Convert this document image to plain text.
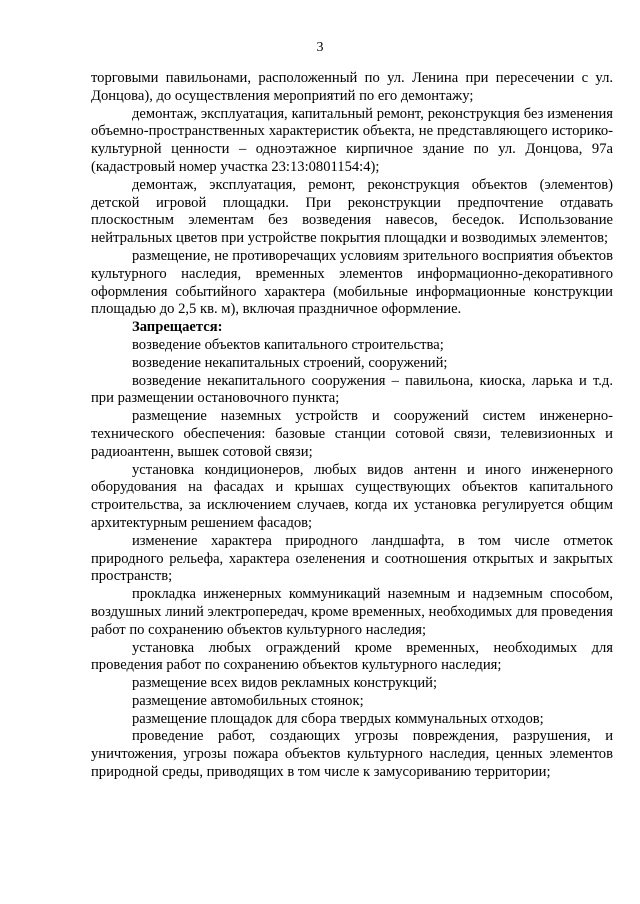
3

торговыми павильонами, расположенный по ул. Ленина при пересечении с ул. Донцова), до осуществления мероприятий по его демонтажу;

демонтаж, эксплуатация, капитальный ремонт, реконструкция без изменения объемно-пространственных характеристик объекта, не представляющего историко-культурной ценности – одноэтажное кирпичное здание по ул. Донцова, 97а (кадастровый номер участка 23:13:0801154:4);

демонтаж, эксплуатация, ремонт, реконструкция объектов (элементов) детской игровой площадки. При реконструкции предпочтение отдавать плоскостным элементам без возведения навесов, беседок. Использование нейтральных цветов при устройстве покрытия площадки и возводимых элементов;

размещение, не противоречащих условиям зрительного восприятия объектов культурного наследия, временных элементов информационно-декоративного оформления событийного характера (мобильные информационные конструкции площадью до 2,5 кв. м), включая праздничное оформление.

Запрещается:

возведение объектов капитального строительства;

возведение некапитальных строений, сооружений;

возведение некапитального сооружения – павильона, киоска, ларька и т.д. при размещении остановочного пункта;

размещение наземных устройств и сооружений систем инженерно-технического обеспечения: базовые станции сотовой связи, телевизионных и радиоантенн, вышек сотовой связи;

установка кондиционеров, любых видов антенн и иного инженерного оборудования на фасадах и крышах существующих объектов капитального строительства, за исключением случаев, когда их установка регулируется общим архитектурным решением фасадов;

изменение характера природного ландшафта, в том числе отметок природного рельефа, характера озеленения и соотношения открытых и закрытых пространств;

прокладка инженерных коммуникаций наземным и надземным способом, воздушных линий электропередач, кроме временных, необходимых для проведения работ по сохранению объектов культурного наследия;

установка любых ограждений кроме временных, необходимых для проведения работ по сохранению объектов культурного наследия;

размещение всех видов рекламных конструкций;

размещение автомобильных стоянок;

размещение площадок для сбора твердых коммунальных отходов;

проведение работ, создающих угрозы повреждения, разрушения, и уничтожения, угрозы пожара объектов культурного наследия, ценных элементов природной среды, приводящих в том числе к замусориванию территории;
